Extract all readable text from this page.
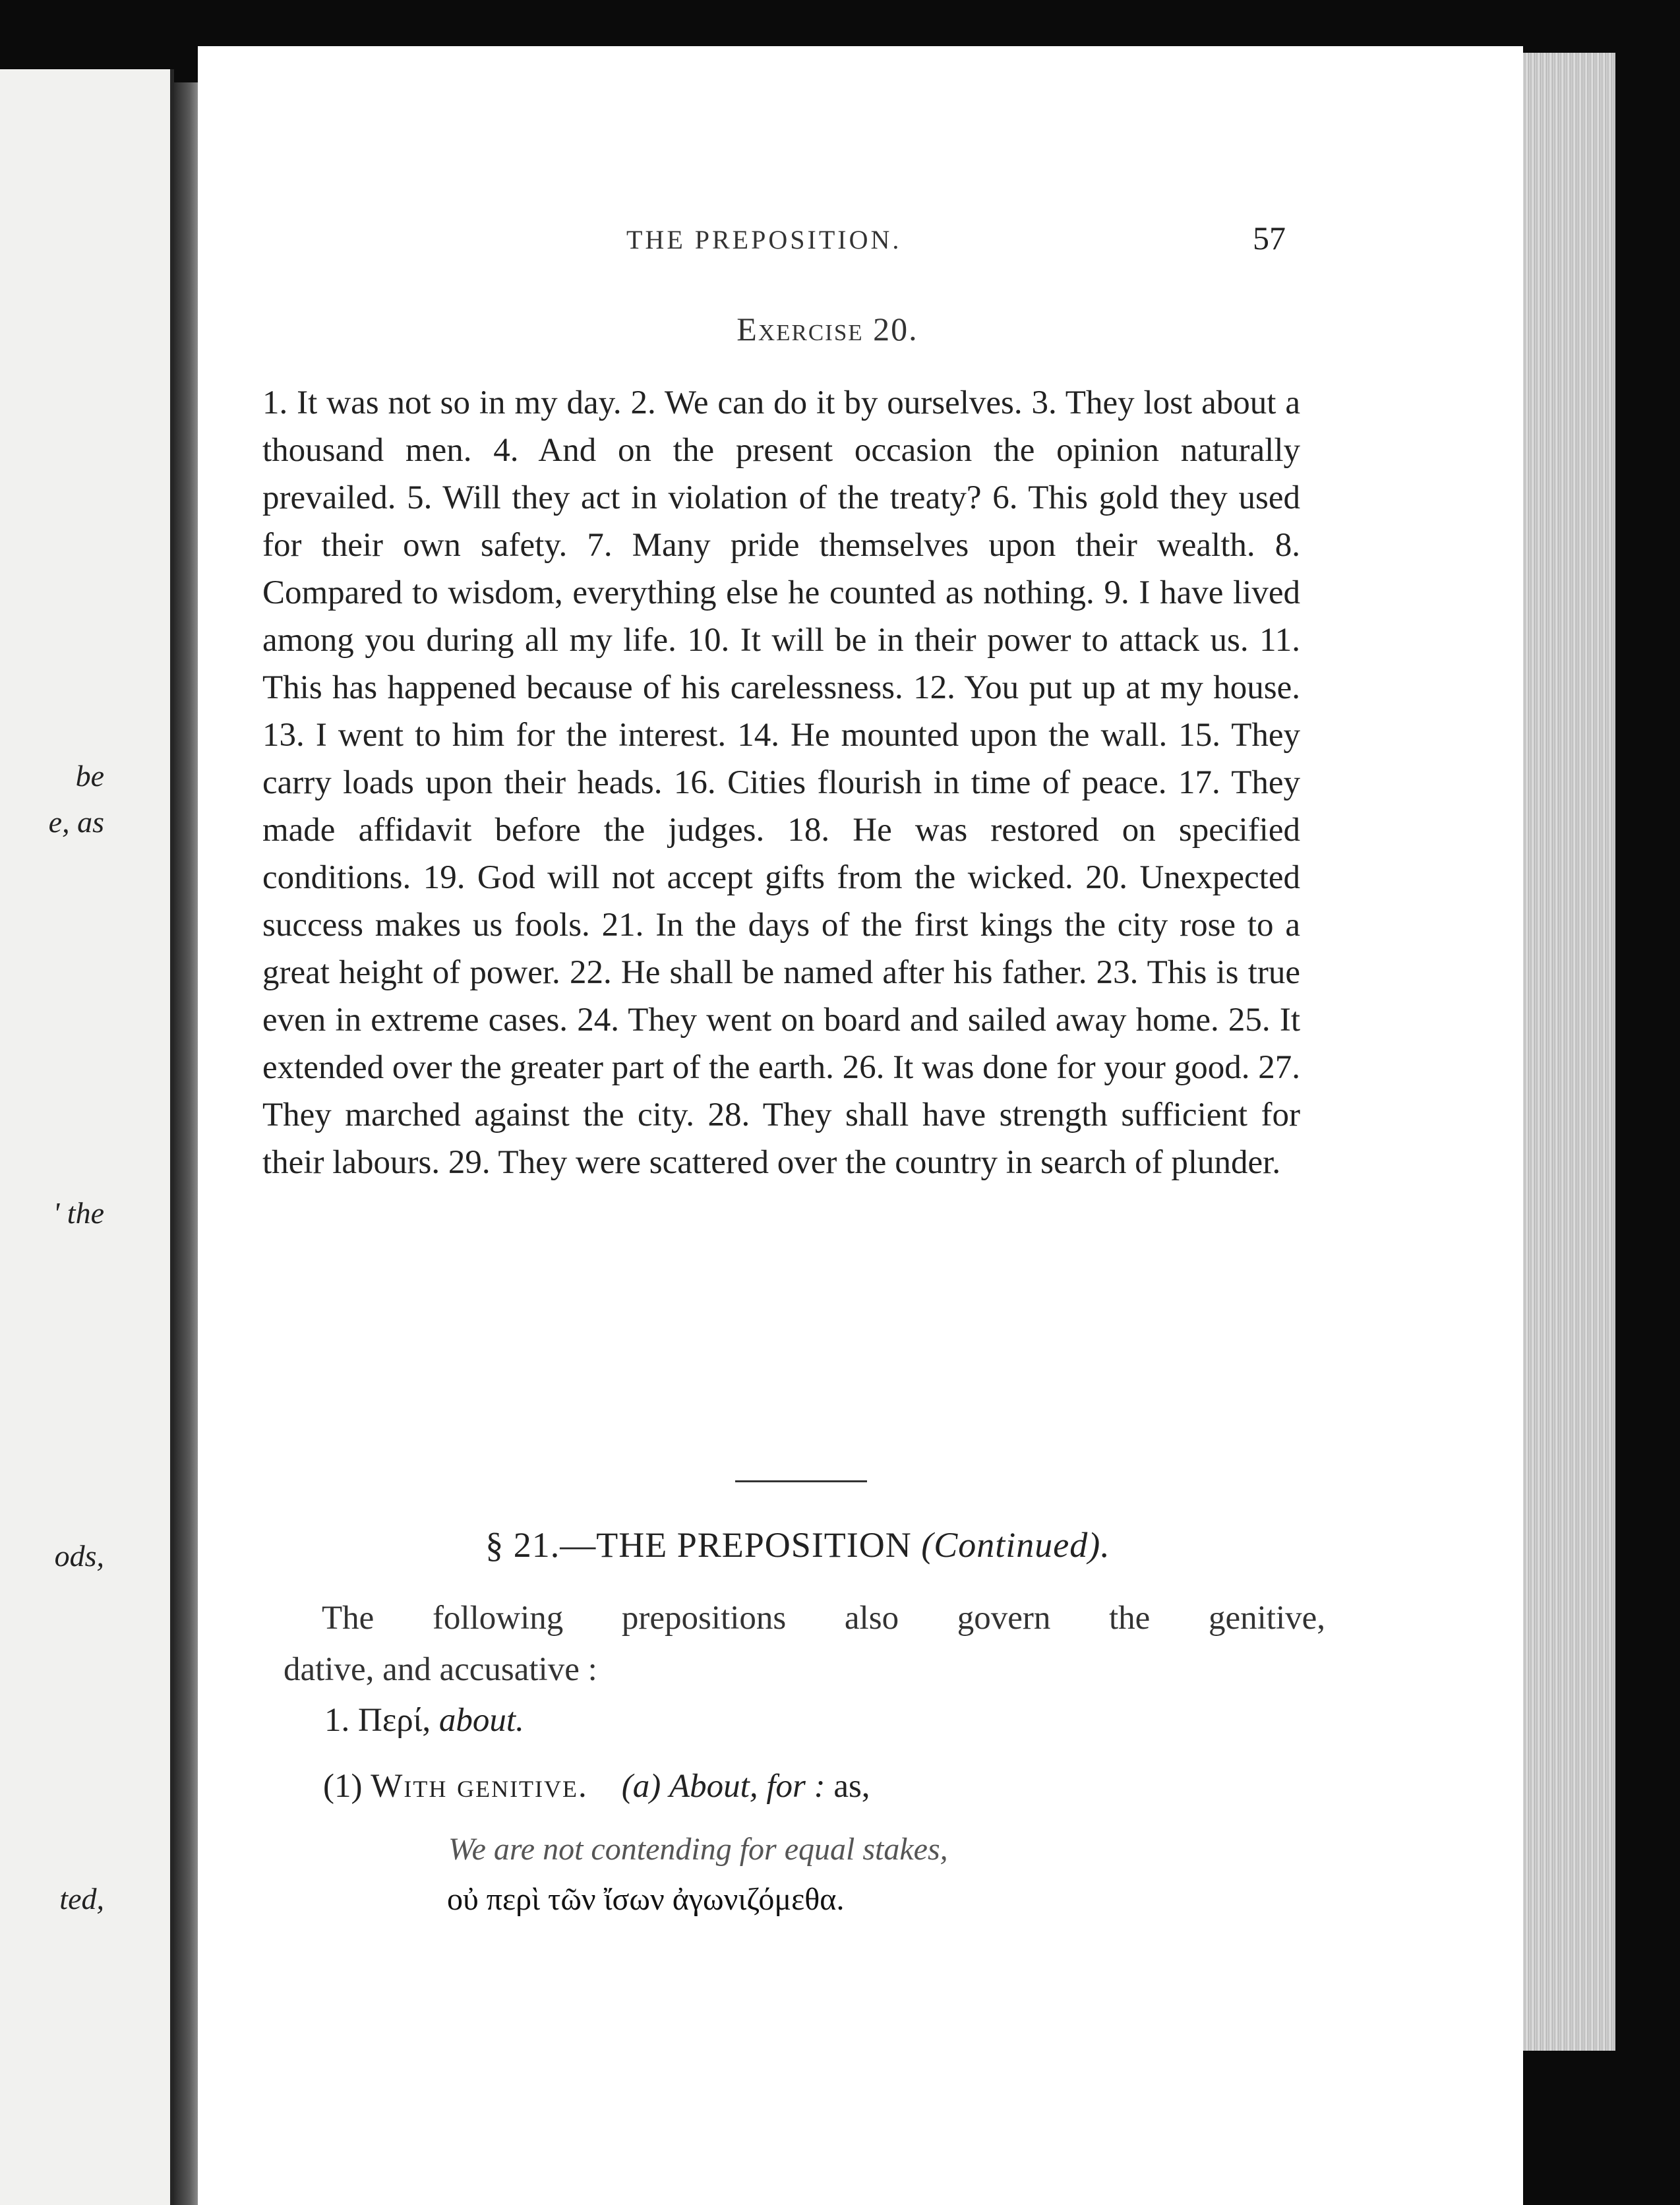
be
e, as
' the
ods,
ted,
THE PREPOSITION.	57
Exercise 20.
1. It was not so in my day. 2. We can do it by ourselves. 3. They lost about a thousand men. 4. And on the present occasion the opinion naturally prevailed. 5. Will they act in violation of the treaty? 6. This gold they used for their own safety. 7. Many pride themselves upon their wealth. 8. Compared to wisdom, everything else he counted as nothing. 9. I have lived among you during all my life. 10. It will be in their power to attack us. 11. This has happened because of his carelessness. 12. You put up at my house. 13. I went to him for the interest. 14. He mounted upon the wall. 15. They carry loads upon their heads. 16. Cities flourish in time of peace. 17. They made affidavit before the judges. 18. He was restored on specified conditions. 19. God will not accept gifts from the wicked. 20. Unexpected success makes us fools. 21. In the days of the first kings the city rose to a great height of power. 22. He shall be named after his father. 23. This is true even in extreme cases. 24. They went on board and sailed away home. 25. It extended over the greater part of the earth. 26. It was done for your good. 27. They marched against the city. 28. They shall have strength sufficient for their labours. 29. They were scattered over the country in search of plunder.
§ 21.—THE PREPOSITION (Continued).
The following prepositions also govern the genitive,
dative, and accusative :
1. Περί, about.
(1) With genitive. (a) About, for : as,
We are not contending for equal stakes,
οὐ περὶ τῶν ἴσων ἀγωνιζόμεθα.
